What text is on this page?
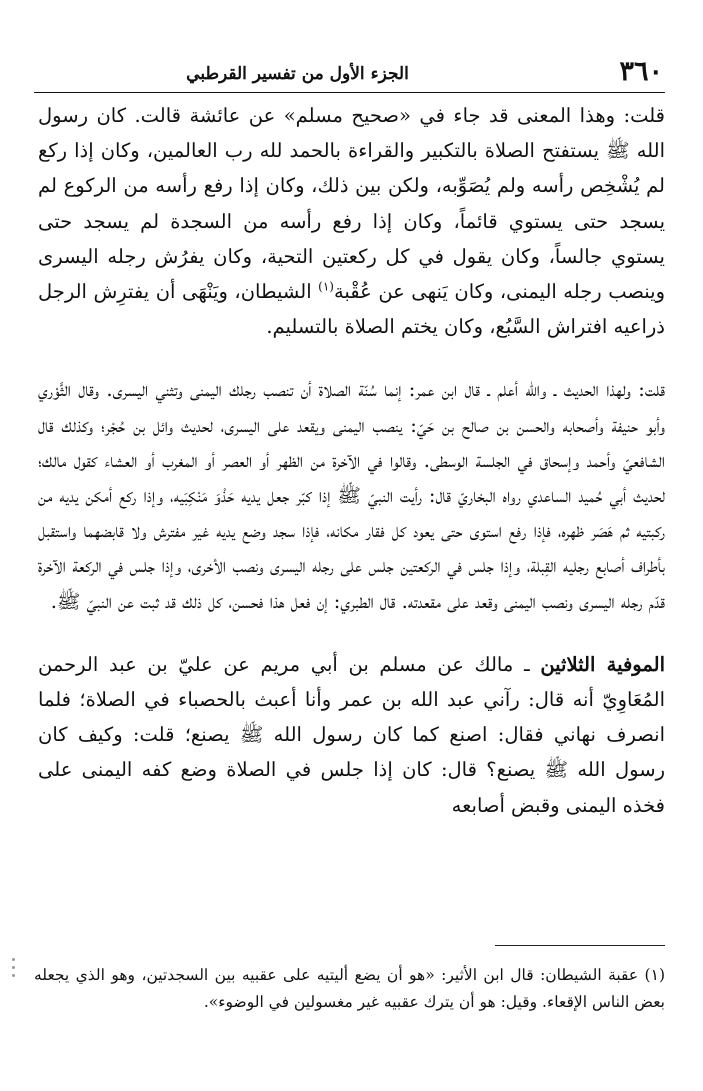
٣٦٠
الجزء الأول من تفسير القرطبي

قلت: وهذا المعنى قد جاء في «صحيح مسلم» عن عائشة قالت. كان رسول الله ﷺ يستفتح الصلاة بالتكبير والقراءة بالحمد لله رب العالمين، وكان إذا ركع لم يُشْخِص رأسه ولم يُصَوِّبه، ولكن بين ذلك، وكان إذا رفع رأسه من الركوع لم يسجد حتى يستوي قائماً، وكان إذا رفع رأسه من السجدة لم يسجد حتى يستوي جالساً، وكان يقول في كل ركعتين التحية، وكان يفرُش رجله اليسرى وينصب رجله اليمنى، وكان يَنهى عن عُقْبة$^{(١)}$ الشيطان، ويَنْهَى أن يفترِش الرجل ذراعيه افتراش السَّبُع، وكان يختم الصلاة بالتسليم.

قلت: ولهذا الحديث ـ والله أعلم ـ قال ابن عمر: إنما سُنّة الصلاة أن تنصب رجلك اليمنى وتثني اليسرى. وقال الثَّوْري وأبو حنيفة وأصحابه والحسن بن صالح بن حَيّ: ينصب اليمنى ويقعد على اليسرى، لحديث وائل بن حُجْر؛ وكذلك قال الشافعيّ وأحمد وإسحاق في الجلسة الوسطى. وقالوا في الآخرة من الظهر أو العصر أو المغرب أو العشاء كقول مالك؛ لحديث أبي حُميد الساعدي رواه البخاريّ قال: رأيت النبيّ ﷺ إذا كبّر جعل يديه حَذْوَ مَنْكِبَيه، وإذا ركع أمكن يديه من ركبتيه ثم هَصَر ظهره، فإذا رفع استوى حتى يعود كل فقار مكانه، فإذا سجد وضع يديه غير مفترش ولا قابضهما واستقبل بأطراف أصابع رجليه القِبلة، وإذا جلس في الركعتين جلس على رجله اليسرى ونصب الأخرى، وإذا جلس في الركعة الآخرة قدّم رجله اليسرى ونصب اليمنى وقعد على مقعدته. قال الطبري: إن فعل هذا فحسن، كل ذلك قد ثبت عن النبيّ ﷺ.

الموفية الثلاثين ـ مالك عن مسلم بن أبي مريم عن عليّ بن عبد الرحمن المُعَاوِيّ أنه قال: رآني عبد الله بن عمر وأنا أعبث بالحصباء في الصلاة؛ فلما انصرف نهاني فقال: اصنع كما كان رسول الله ﷺ يصنع؛ قلت: وكيف كان رسول الله ﷺ يصنع؟ قال: كان إذا جلس في الصلاة وضع كفه اليمنى على فخذه اليمنى وقبض أصابعه

(١) عقبة الشيطان: قال ابن الأثير: «هو أن يضع أليتيه على عقبيه بين السجدتين، وهو الذي يجعله بعض الناس الإقعاء. وقيل: هو أن يترك عقبيه غير مغسولين في الوضوء».
